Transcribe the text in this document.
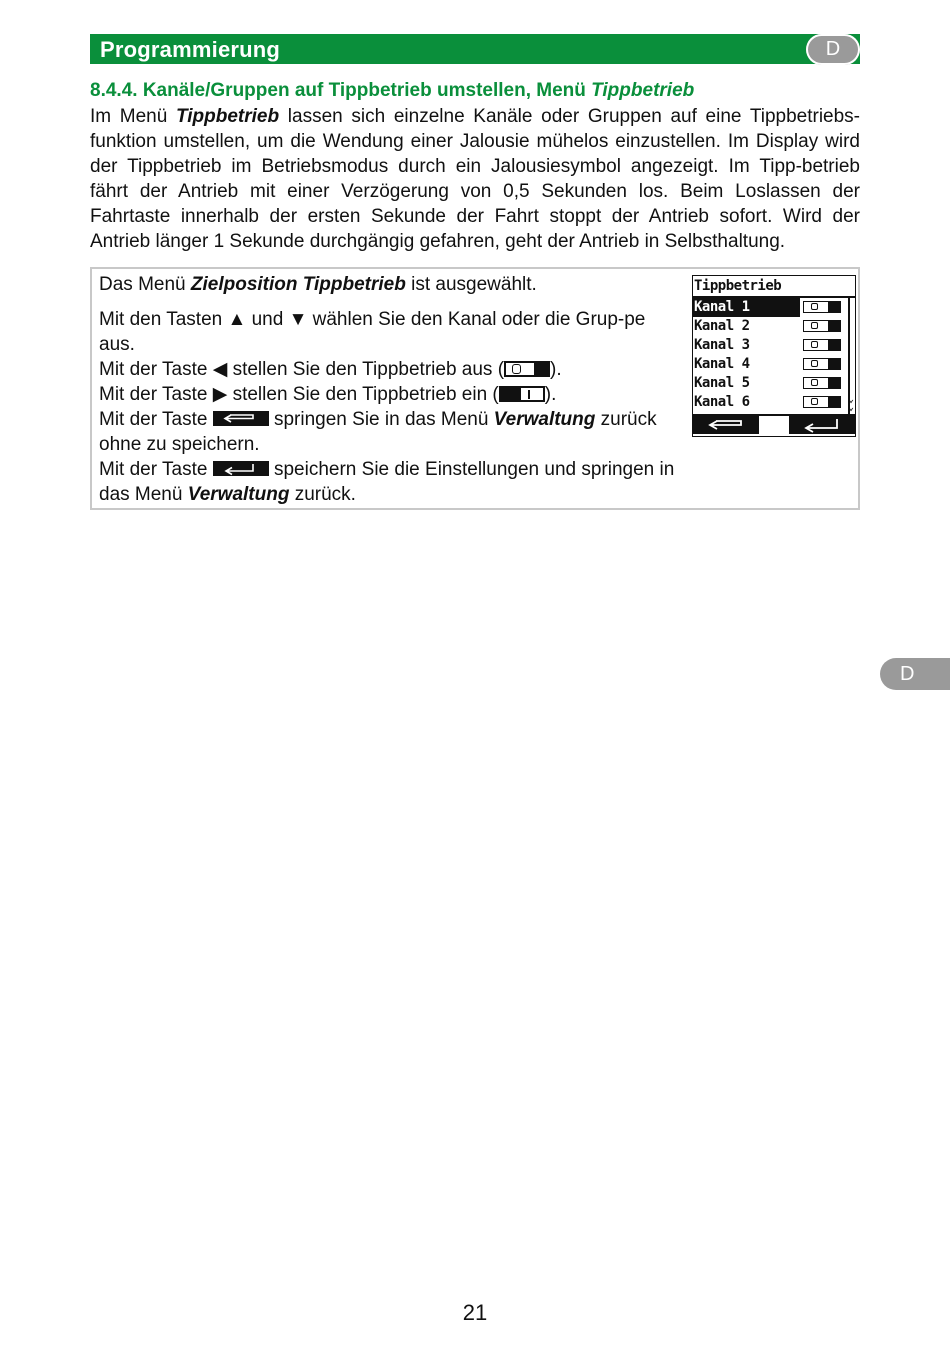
Programmierung	D
D
8.4.4. Kanäle/Gruppen auf Tippbetrieb umstellen, Menü Tippbetrieb

Im Menü Tippbetrieb lassen sich einzelne Kanäle oder Gruppen auf eine Tippbetriebs-funktion umstellen, um die Wendung einer Jalousie mühelos einzustellen. Im Display wird der Tippbetrieb im Betriebsmodus durch ein Jalousiesymbol angezeigt. Im Tipp-betrieb fährt der Antrieb mit einer Verzögerung von 0,5 Sekunden los. Beim Loslassen der Fahrtaste innerhalb der ersten Sekunde der Fahrt stoppt der Antrieb sofort. Wird der Antrieb länger 1 Sekunde durchgängig gefahren, geht der Antrieb in Selbsthaltung.

Das Menü Zielposition Tippbetrieb ist ausgewählt.

Mit den Tasten ▲ und ▼ wählen Sie den Kanal oder die Grup-pe aus.

Mit der Taste ◀ stellen Sie den Tippbetrieb aus ( ).

Mit der Taste ▶ stellen Sie den Tippbetrieb ein ( ).

Mit der Taste	springen Sie in das Menü Verwaltung zurück ohne zu speichern.

Mit der Taste	speichern Sie die Einstellungen und springen in das Menü Verwaltung zurück.

Tippbetrieb
Kanal 1
Kanal 2
Kanal 3
Kanal 4
Kanal 5
Kanal 6	⌄
⌄
21
